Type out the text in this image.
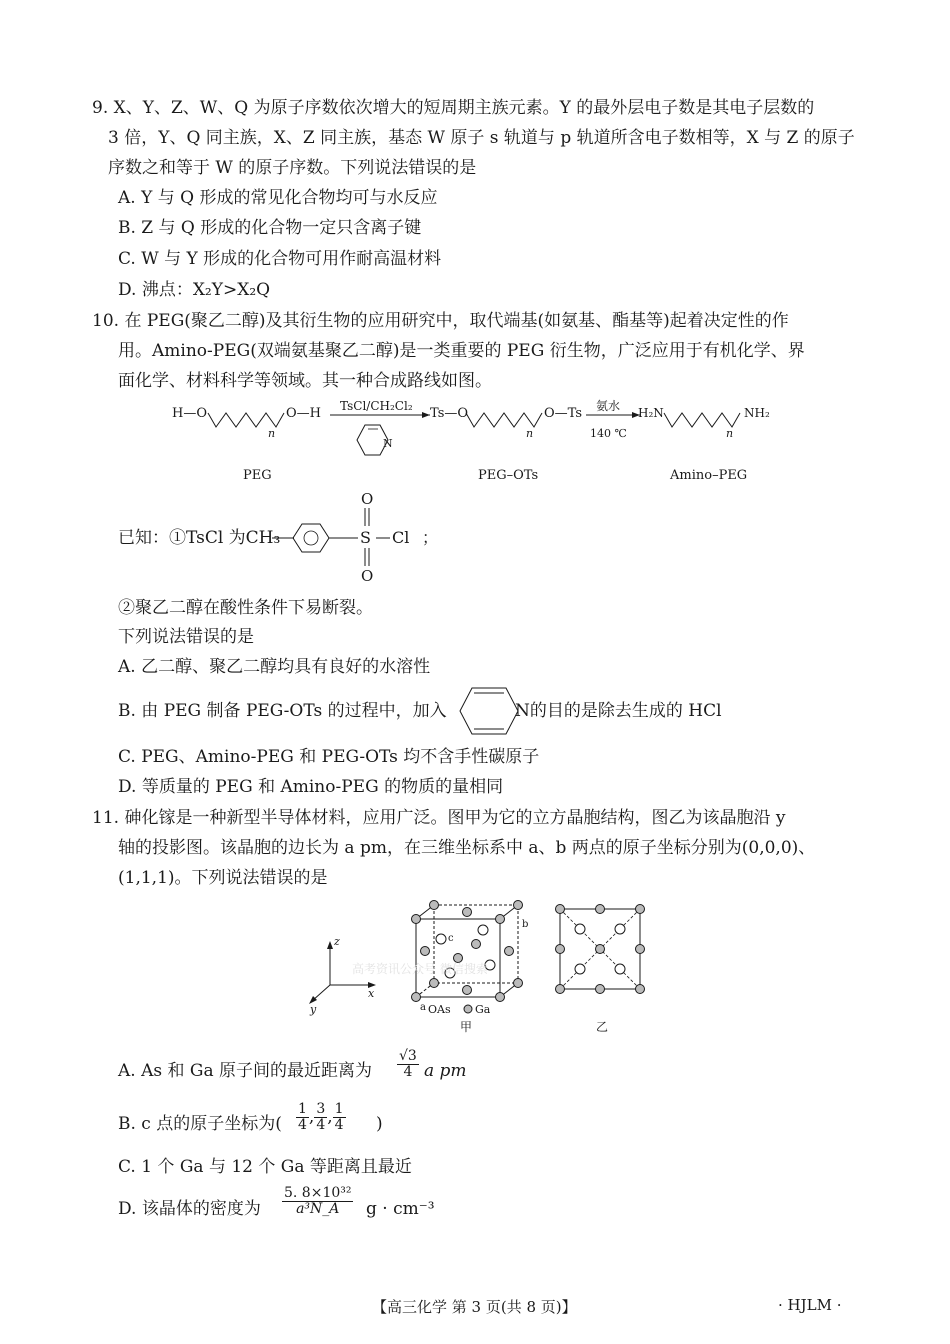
9. X、Y、Z、W、Q 为原子序数依次增大的短周期主族元素。Y 的最外层电子数是其电子层数的
3 倍，Y、Q 同主族，X、Z 同主族，基态 W 原子 s 轨道与 p 轨道所含电子数相等，X 与 Z 的原子
序数之和等于 W 的原子序数。下列说法错误的是
A. Y 与 Q 形成的常见化合物均可与水反应
B. Z 与 Q 形成的化合物一定只含离子键
C. W 与 Y 形成的化合物可用作耐高温材料
D. 沸点：X₂Y>X₂Q
10. 在 PEG(聚乙二醇)及其衍生物的应用研究中，取代端基(如氨基、酯基等)起着决定性的作
用。Amino-PEG(双端氨基聚乙二醇)是一类重要的 PEG 衍生物，广泛应用于有机化学、界
面化学、材料科学等领域。其一种合成路线如图。
H—O	O—H
n
PEG
TsCl/CH₂Cl₂
N
Ts—O	O—Ts
n
PEG–OTs
氨水
140 ℃
H₂N	NH₂
n
Amino–PEG
已知：①TsCl 为CH₃	S
O
O
Cl ；
②聚乙二醇在酸性条件下易断裂。
下列说法错误的是
A. 乙二醇、聚乙二醇均具有良好的水溶性
B. 由 PEG 制备 PEG-OTs 的过程中，加入	N的目的是除去生成的 HCl
C. PEG、Amino-PEG 和 PEG-OTs 均不含手性碳原子
D. 等质量的 PEG 和 Amino-PEG 的物质的量相同
11. 砷化镓是一种新型半导体材料，应用广泛。图甲为它的立方晶胞结构，图乙为该晶胞沿 y
轴的投影图。该晶胞的边长为 a pm，在三维坐标系中 a、b 两点的原子坐标分别为(0,0,0)、
(1,1,1)。下列说法错误的是
z
x
y
c
b
a OAs Ga
甲	乙
高考资讯公众号 微信搜索
A. As 和 Ga 原子间的最近距离为 $\frac{√3}{4}$ a pm
B. c 点的原子坐标为( $\frac{1}{4}$ , $\frac{3}{4}$ , $\frac{1}{4}$ )
C. 1 个 Ga 与 12 个 Ga 等距离且最近
D. 该晶体的密度为 $\frac{\text{5. 8×10³²}}{\text{a³N\_A}}$ g · cm⁻³
【高三化学 第 3 页(共 8 页)】	· HJLM ·
